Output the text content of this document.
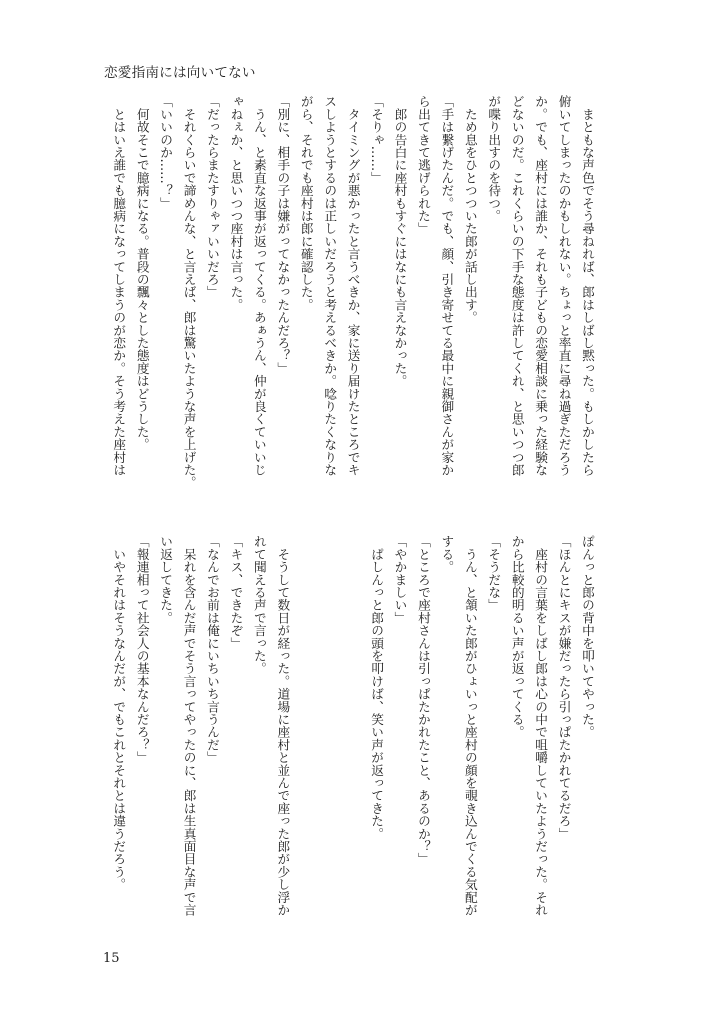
恋愛指南には向いてない
　まともな声色でそう尋ねれば、郎はしばし黙った。もしかしたら
俯いてしまったのかもしれない。ちょっと率直に尋ね過ぎただろう
か。でも、座村には誰か、それも子どもの恋愛相談に乗った経験な
どないのだ。これくらいの下手な態度は許してくれ、と思いつつ郎
が喋り出すのを待つ。
　ため息をひとつついた郎が話し出す。
「手は繋げたんだ。でも、顔、引き寄せてる最中に親御さんが家か
ら出てきて逃げられた」
　郎の告白に座村もすぐにはなにも言えなかった。
「そりゃ……」
　タイミングが悪かったと言うべきか、家に送り届けたところでキ
スしようとするのは正しいだろうと考えるべきか。唸りたくなりな
がら、それでも座村は郎に確認した。
「別に、相手の子は嫌がってなかったんだろ？」
　うん、と素直な返事が返ってくる。あぁうん、仲が良くていいじ
ゃねぇか、と思いつつ座村は言った。
「だったらまたすりゃァいいだろ」
　それくらいで諦めんな、と言えば、郎は驚いたような声を上げた。
「いいのか……？」
　何故そこで臆病になる。普段の飄々とした態度はどうした。
　とはいえ誰でも臆病になってしまうのが恋か。そう考えた座村は
ぽんっと郎の背中を叩いてやった。
「ほんとにキスが嫌だったら引っぱたかれてるだろ」
　座村の言葉をしばし郎は心の中で咀嚼していたようだった。それ
から比較的明るい声が返ってくる。
「そうだな」
　うん、と頷いた郎がひょいっと座村の顔を覗き込んでくる気配が
する。
「ところで座村さんは引っぱたかれたこと、あるのか？」
「やかましい」
　ぱしんっと郎の頭を叩けば、笑い声が返ってきた。
　そうして数日が経った。道場に座村と並んで座った郎が少し浮か
れて聞える声で言った。
「キス、できたぞ」
「なんでお前は俺にいちいち言うんだ」
　呆れを含んだ声でそう言ってやったのに、郎は生真面目な声で言
い返してきた。
「報連相って社会人の基本なんだろ？」
　いやそれはそうなんだが、でもこれとそれとは違うだろう。
15
